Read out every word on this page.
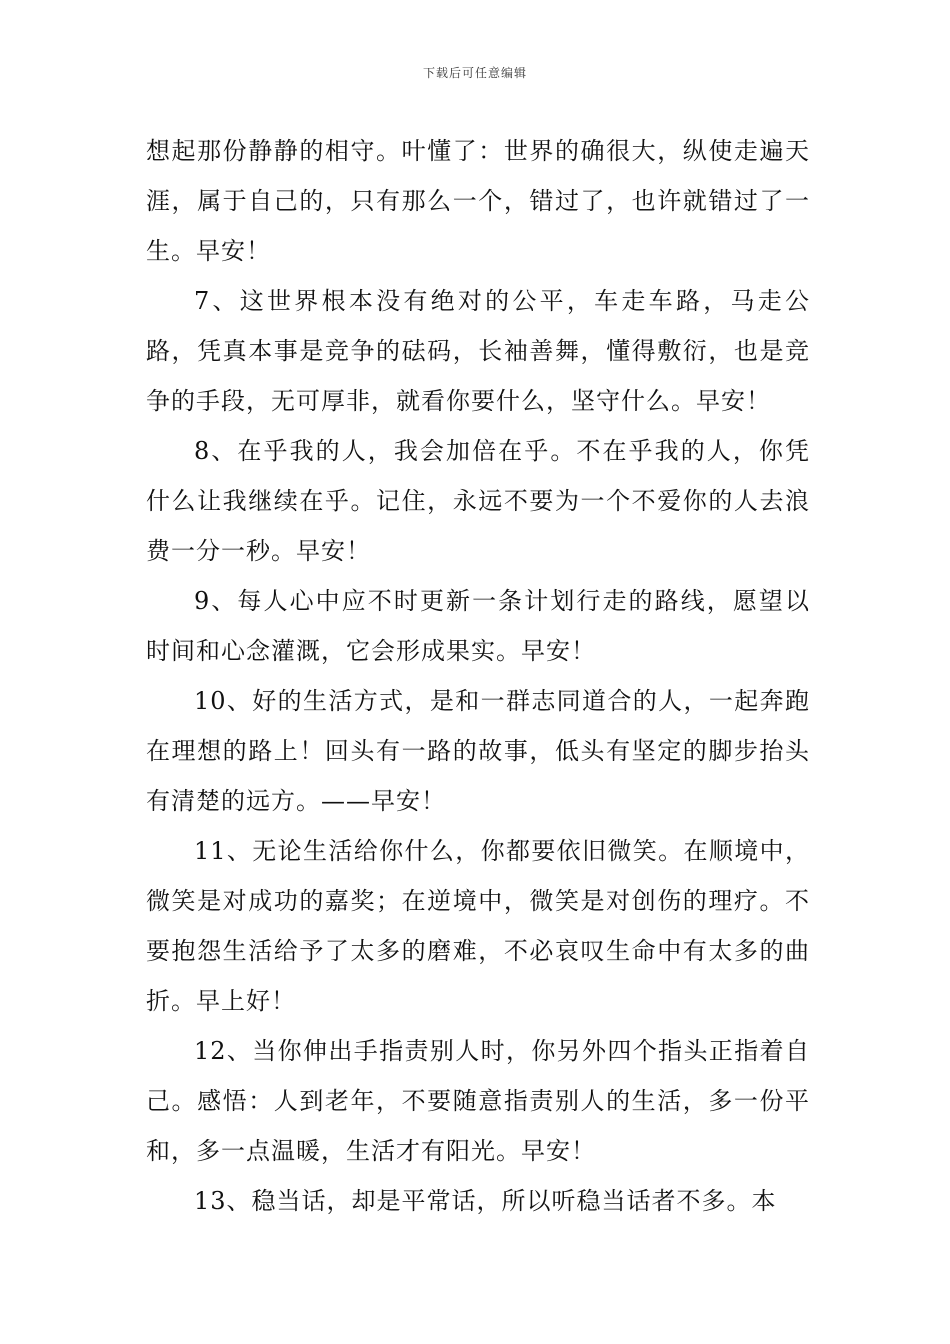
下载后可任意编辑

想起那份静静的相守。叶懂了：世界的确很大，纵使走遍天涯，属于自己的，只有那么一个，错过了，也许就错过了一生。早安！

7、这世界根本没有绝对的公平，车走车路，马走公路，凭真本事是竞争的砝码，长袖善舞，懂得敷衍，也是竞争的手段，无可厚非，就看你要什么，坚守什么。早安！

8、在乎我的人，我会加倍在乎。不在乎我的人，你凭什么让我继续在乎。记住，永远不要为一个不爱你的人去浪费一分一秒。早安！

9、每人心中应不时更新一条计划行走的路线，愿望以时间和心念灌溉，它会形成果实。早安！

10、好的生活方式，是和一群志同道合的人，一起奔跑在理想的路上！回头有一路的故事，低头有坚定的脚步抬头有清楚的远方。——早安！

11、无论生活给你什么，你都要依旧微笑。在顺境中，微笑是对成功的嘉奖；在逆境中，微笑是对创伤的理疗。不要抱怨生活给予了太多的磨难，不必哀叹生命中有太多的曲折。早上好！

12、当你伸出手指责别人时，你另外四个指头正指着自己。感悟：人到老年，不要随意指责别人的生活，多一份平和，多一点温暖，生活才有阳光。早安！

13、稳当话，却是平常话，所以听稳当话者不多。本
